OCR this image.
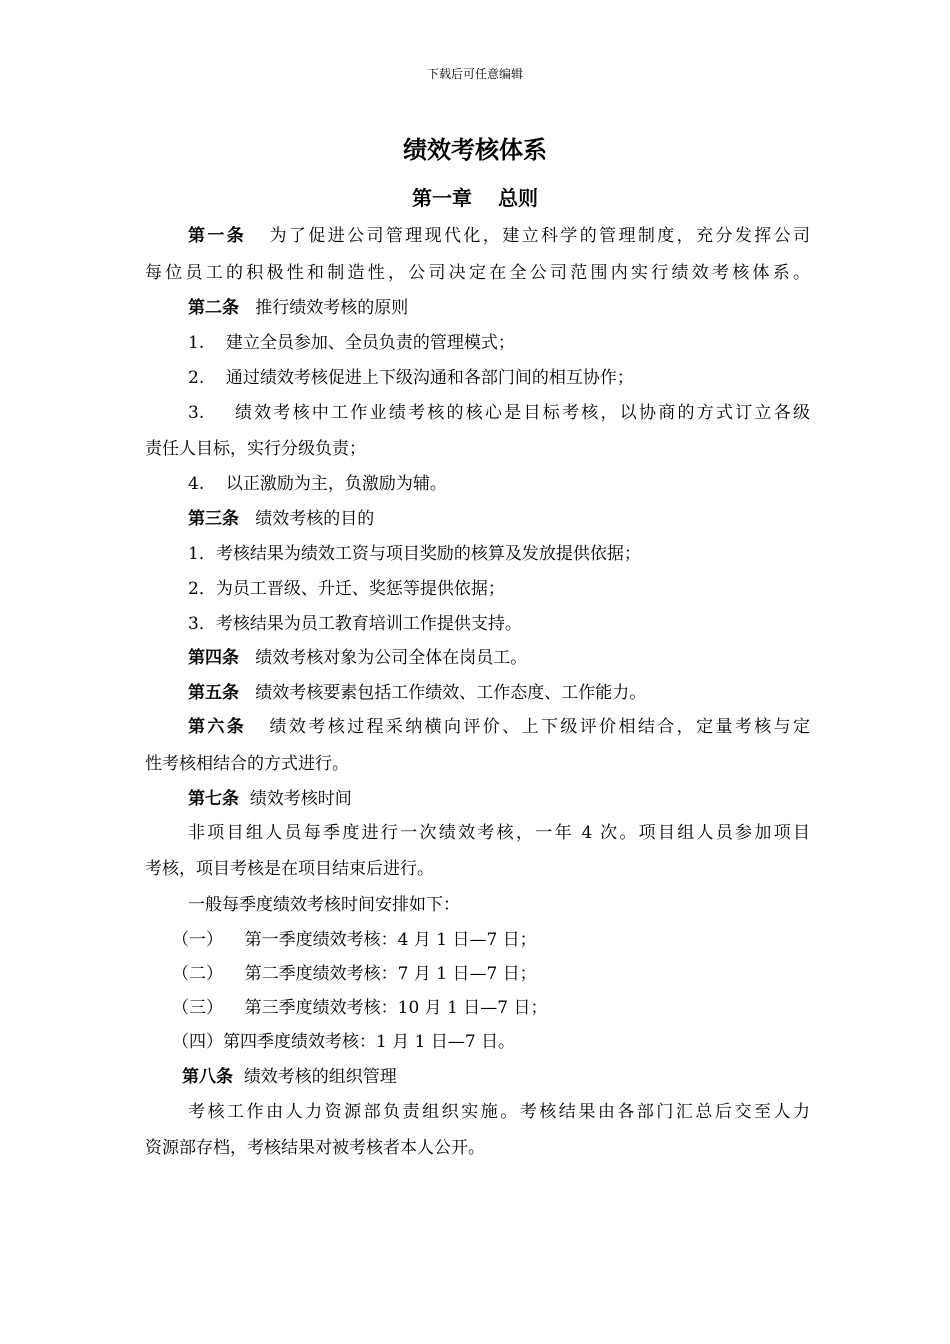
下载后可任意编辑
绩效考核体系
第一章 总则
第一条 为了促进公司管理现代化，建立科学的管理制度，充分发挥公司
每位员工的积极性和制造性，公司决定在全公司范围内实行绩效考核体系。
第二条 推行绩效考核的原则
1. 建立全员参加、全员负责的管理模式；
2. 通过绩效考核促进上下级沟通和各部门间的相互协作；
3. 绩效考核中工作业绩考核的核心是目标考核，以协商的方式订立各级
责任人目标，实行分级负责；
4. 以正激励为主，负激励为辅。
第三条 绩效考核的目的
1．考核结果为绩效工资与项目奖励的核算及发放提供依据；
2．为员工晋级、升迁、奖惩等提供依据；
3．考核结果为员工教育培训工作提供支持。
第四条 绩效考核对象为公司全体在岗员工。
第五条 绩效考核要素包括工作绩效、工作态度、工作能力。
第六条 绩效考核过程采纳横向评价、上下级评价相结合，定量考核与定
性考核相结合的方式进行。
第七条 绩效考核时间
非项目组人员每季度进行一次绩效考核，一年 4 次。项目组人员参加项目
考核，项目考核是在项目结束后进行。
一般每季度绩效考核时间安排如下：
（一） 第一季度绩效考核：4 月 1 日—7 日；
（二） 第二季度绩效考核：7 月 1 日—7 日；
（三） 第三季度绩效考核：10 月 1 日—7 日；
（四）第四季度绩效考核：1 月 1 日—7 日。
第八条 绩效考核的组织管理
考核工作由人力资源部负责组织实施。考核结果由各部门汇总后交至人力
资源部存档，考核结果对被考核者本人公开。
